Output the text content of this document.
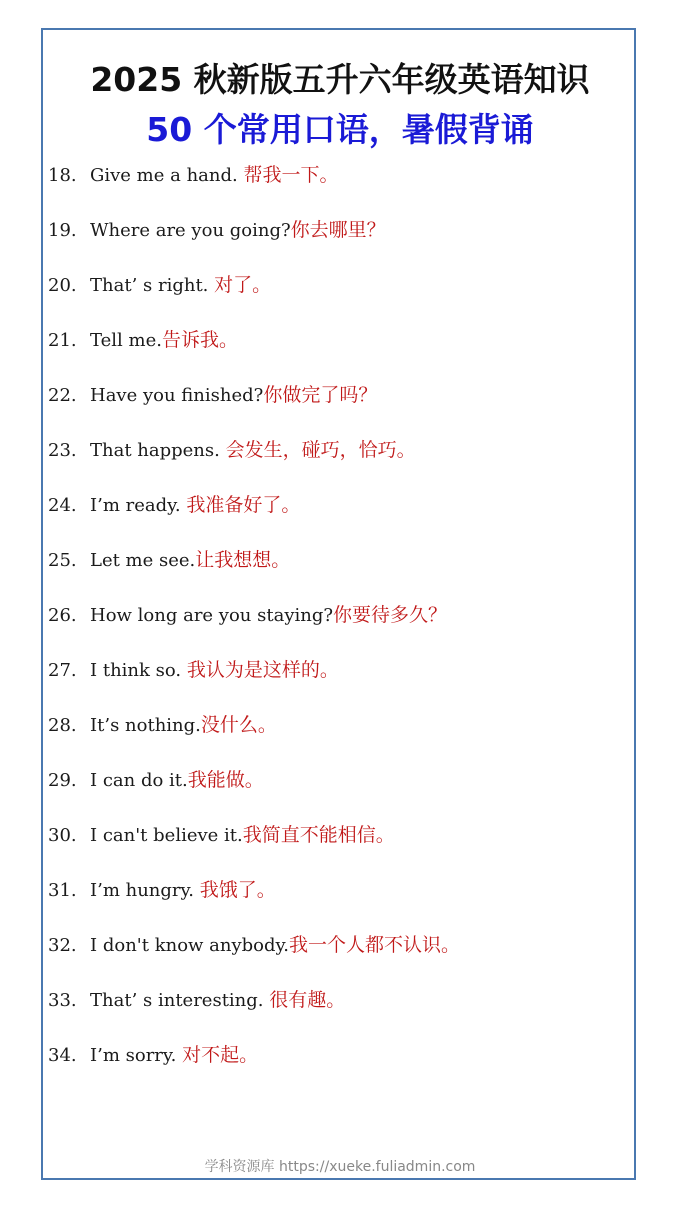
2025 秋新版五升六年级英语知识
50 个常用口语，暑假背诵
18. Give me a hand. 帮我一下。
19. Where are you going?你去哪里？
20. That’ s right. 对了。
21. Tell me.告诉我。
22. Have you finished?你做完了吗？
23. That happens. 会发生，碰巧，恰巧。
24. I’m ready. 我准备好了。
25. Let me see.让我想想。
26. How long are you staying?你要待多久？
27. I think so. 我认为是这样的。
28. It’s nothing.没什么。
29. I can do it.我能做。
30. I can't believe it.我简直不能相信。
31. I’m hungry. 我饿了。
32. I don't know anybody.我一个人都不认识。
33. That’ s interesting. 很有趣。
34. I’m sorry. 对不起。
学科资源库 https://xueke.fuliadmin.com
